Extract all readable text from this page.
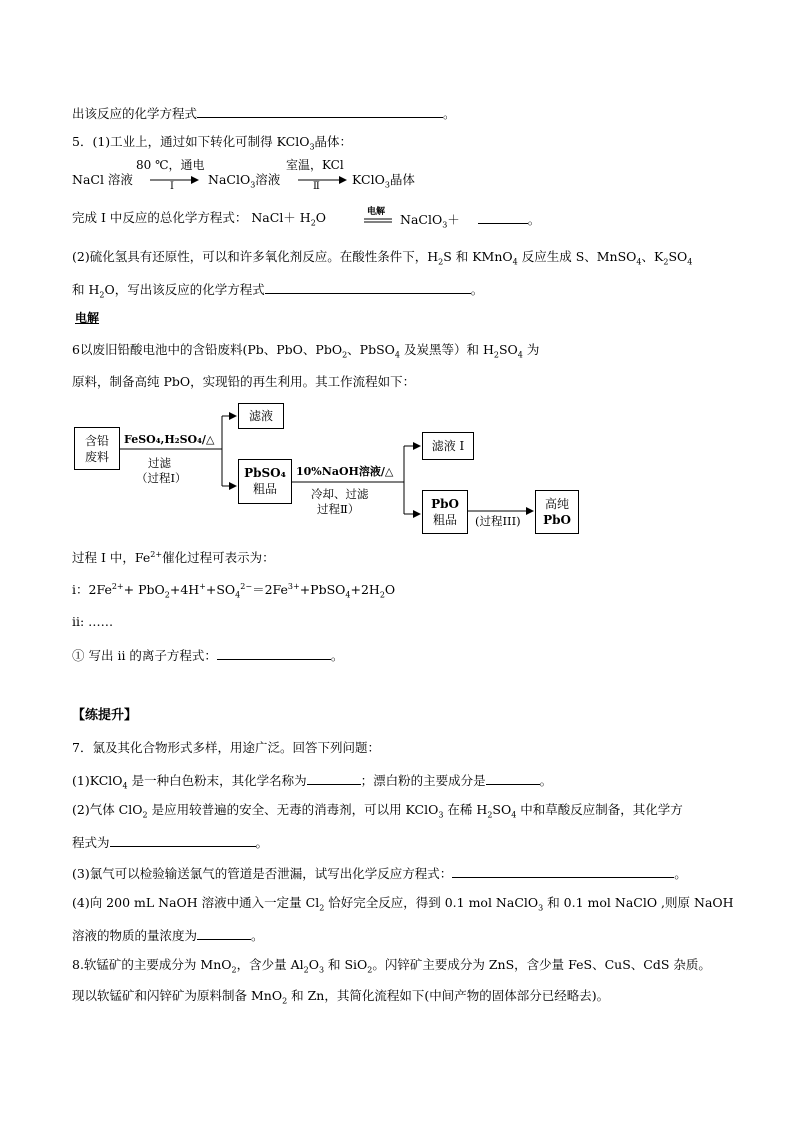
出该反应的化学方程式	。
5．(1)工业上，通过如下转化可制得 KClO$_3$晶体：
NaCl 溶液
80 ℃，通电
Ⅰ	NaClO$_3$溶液
室温，KCl
Ⅱ	KClO$_3$晶体
完成 I 中反应的总化学方程式： NaCl＋ $H_2O$	电解 NaClO$_3$＋	。
(2)硫化氢具有还原性，可以和许多氧化剂反应。在酸性条件下，$H_2S$ 和 KMnO$_4$ 反应生成 S、MnSO$_4$、$K_2SO_4$
和 $H_2O$，写出该反应的化学方程式	。
电解
6以废旧铅酸电池中的含铅废料(Pb、PbO、PbO$_2$、PbSO$_4$ 及炭黑等）和 $H_2SO_4$ 为
原料，制备高纯 PbO，实现铅的再生利用。其工作流程如下：
含铅
废料
FeSO₄,H₂SO₄/△
过滤
（过程Ⅰ）
滤液
PbSO₄
粗品
10%NaOH溶液/△
冷却、过滤
过程Ⅱ）
滤液 I
PbO
粗品	(过程III)
高纯
PbO
过程 I 中，$Fe^{2+}$催化过程可表示为：
i：$2Fe^{2+}+$ $PbO_2+4H^++SO_4^{2-}=2Fe^{3+}+PbSO_4+2H_2O$
ii: ……
① 写出 ii 的离子方程式：	。
【练提升】
7．氯及其化合物形式多样，用途广泛。回答下列问题：
(1)KClO$_4$ 是一种白色粉末，其化学名称为	；漂白粉的主要成分是	。
(2)气体 ClO$_2$ 是应用较普遍的安全、无毒的消毒剂，可以用 KClO$_3$ 在稀 $H_2SO_4$ 中和草酸反应制备，其化学方
程式为	。
(3)氯气可以检验输送氯气的管道是否泄漏，试写出化学反应方程式：	。
(4)向 200 mL NaOH 溶液中通入一定量 $Cl_2$ 恰好完全反应，得到 0.1 mol NaClO$_3$ 和 0.1 mol NaClO ,则原 NaOH
溶液的物质的量浓度为	。
8.软锰矿的主要成分为 MnO$_2$，含少量 $Al_2O_3$ 和 SiO$_2$。闪锌矿主要成分为 ZnS，含少量 FeS、CuS、CdS 杂质。
现以软锰矿和闪锌矿为原料制备 MnO$_2$ 和 Zn，其简化流程如下(中间产物的固体部分已经略去)。
